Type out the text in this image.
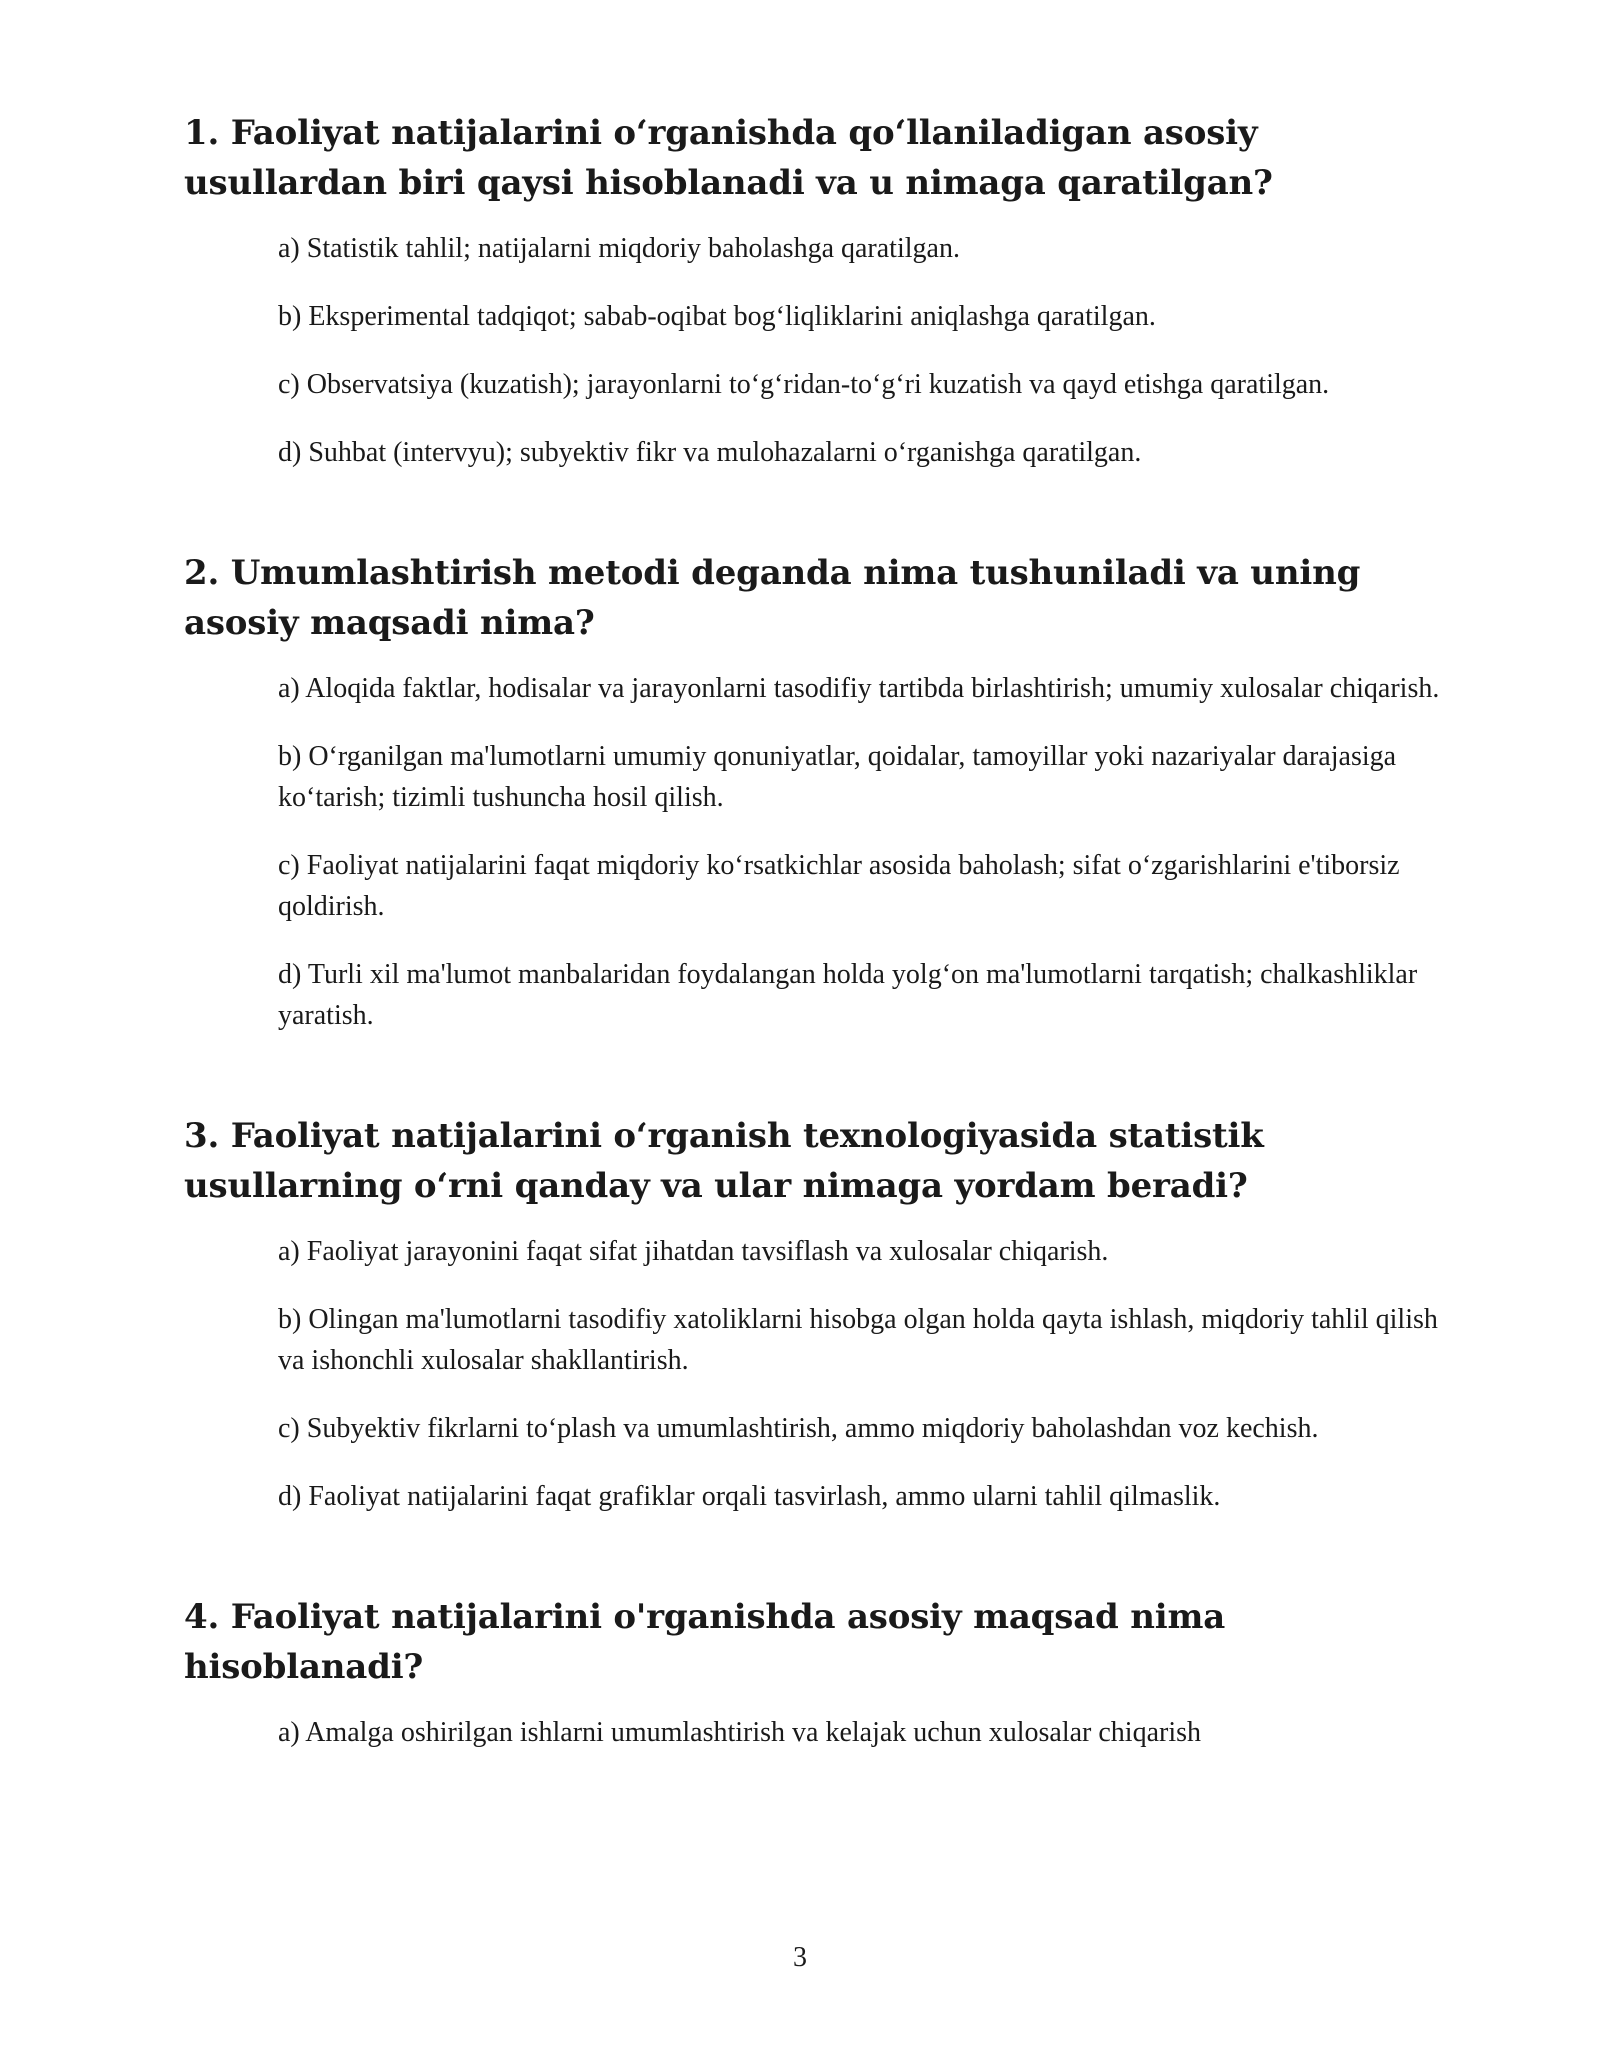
1. Faoliyat natijalarini o‘rganishda qo‘llaniladigan asosiy usullardan biri qaysi hisoblanadi va u nimaga qaratilgan?
a) Statistik tahlil; natijalarni miqdoriy baholashga qaratilgan.
b) Eksperimental tadqiqot; sabab-oqibat bog‘liqliklarini aniqlashga qaratilgan.
c) Observatsiya (kuzatish); jarayonlarni to‘g‘ridan-to‘g‘ri kuzatish va qayd etishga qaratilgan.
d) Suhbat (intervyu); subyektiv fikr va mulohazalarni o‘rganishga qaratilgan.
2. Umumlashtirish metodi deganda nima tushuniladi va uning asosiy maqsadi nima?
a) Aloqida faktlar, hodisalar va jarayonlarni tasodifiy tartibda birlashtirish; umumiy xulosalar chiqarish.
b) O‘rganilgan ma'lumotlarni umumiy qonuniyatlar, qoidalar, tamoyillar yoki nazariyalar darajasiga ko‘tarish; tizimli tushuncha hosil qilish.
c) Faoliyat natijalarini faqat miqdoriy ko‘rsatkichlar asosida baholash; sifat o‘zgarishlarini e'tiborsiz qoldirish.
d) Turli xil ma'lumot manbalaridan foydalangan holda yolg‘on ma'lumotlarni tarqatish; chalkashliklar yaratish.
3. Faoliyat natijalarini o‘rganish texnologiyasida statistik usullarning o‘rni qanday va ular nimaga yordam beradi?
a) Faoliyat jarayonini faqat sifat jihatdan tavsiflash va xulosalar chiqarish.
b) Olingan ma'lumotlarni tasodifiy xatoliklarni hisobga olgan holda qayta ishlash, miqdoriy tahlil qilish va ishonchli xulosalar shakllantirish.
c) Subyektiv fikrlarni to‘plash va umumlashtirish, ammo miqdoriy baholashdan voz kechish.
d) Faoliyat natijalarini faqat grafiklar orqali tasvirlash, ammo ularni tahlil qilmaslik.
4. Faoliyat natijalarini o'rganishda asosiy maqsad nima hisoblanadi?
a) Amalga oshirilgan ishlarni umumlashtirish va kelajak uchun xulosalar chiqarish
3
